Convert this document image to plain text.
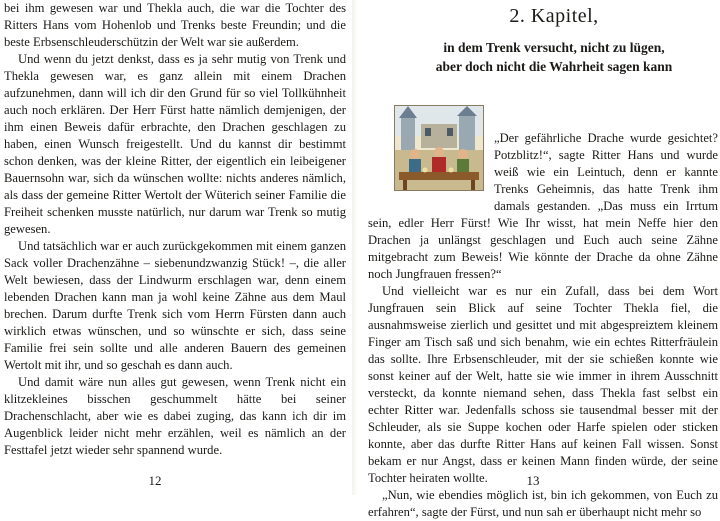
bei ihm gewesen war und Thekla auch, die war die Tochter des Ritters Hans vom Hohenlob und Trenks beste Freundin; und die beste Erbsenschleuderschützin der Welt war sie außerdem.

Und wenn du jetzt denkst, dass es ja sehr mutig von Trenk und Thekla gewesen war, es ganz allein mit einem Drachen aufzunehmen, dann will ich dir den Grund für so viel Tollkühnheit auch noch erklären. Der Herr Fürst hatte nämlich demjenigen, der ihm einen Beweis dafür erbrachte, den Drachen geschlagen zu haben, einen Wunsch freigestellt. Und du kannst dir bestimmt schon denken, was der kleine Ritter, der eigentlich ein leibeigener Bauernsohn war, sich da wünschen wollte: nichts anderes nämlich, als dass der gemeine Ritter Wertolt der Wüterich seiner Familie die Freiheit schenken musste natürlich, nur darum war Trenk so mutig gewesen.

Und tatsächlich war er auch zurückgekommen mit einem ganzen Sack voller Drachenzähne – siebenundzwanzig Stück! –, die aller Welt bewiesen, dass der Lindwurm erschlagen war, denn einem lebenden Drachen kann man ja wohl keine Zähne aus dem Maul brechen. Darum durfte Trenk sich vom Herrn Fürsten dann auch wirklich etwas wünschen, und so wünschte er sich, dass seine Familie frei sein sollte und alle anderen Bauern des gemeinen Wertolt mit ihr, und so geschah es dann auch.

Und damit wäre nun alles gut gewesen, wenn Trenk nicht ein klitzekleines bisschen geschummelt hätte bei seiner Drachenschlacht, aber wie es dabei zuging, das kann ich dir im Augenblick leider nicht mehr erzählen, weil es nämlich an der Festtafel jetzt wieder sehr spannend wurde.

12
2. Kapitel,
in dem Trenk versucht, nicht zu lügen,
aber doch nicht die Wahrheit sagen kann

„Der gefährliche Drache wurde gesichtet? Potzblitz!“, sagte Ritter Hans und wurde weiß wie ein Leintuch, denn er kannte Trenks Geheimnis, das hatte Trenk ihm damals gestanden. „Das muss ein Irrtum sein, edler Herr Fürst! Wie Ihr wisst, hat mein Neffe hier den Drachen ja unlängst geschlagen und Euch auch seine Zähne mitgebracht zum Beweis! Wie könnte der Drache da ohne Zähne noch Jungfrauen fressen?“

Und vielleicht war es nur ein Zufall, dass bei dem Wort Jungfrauen sein Blick auf seine Tochter Thekla fiel, die ausnahmsweise zierlich und gesittet und mit abgespreiztem kleinem Finger am Tisch saß und sich benahm, wie ein echtes Ritterfräulein das sollte. Ihre Erbsenschleuder, mit der sie schießen konnte wie sonst keiner auf der Welt, hatte sie wie immer in ihrem Ausschnitt versteckt, da konnte niemand sehen, dass Thekla fast selbst ein echter Ritter war. Jedenfalls schoss sie tausendmal besser mit der Schleuder, als sie Suppe kochen oder Harfe spielen oder sticken konnte, aber das durfte Ritter Hans auf keinen Fall wissen. Sonst bekam er nur Angst, dass er keinen Mann finden würde, der seine Tochter heiraten wollte.

„Nun, wie ebendies möglich ist, bin ich gekommen, von Euch zu erfahren“, sagte der Fürst, und nun sah er überhaupt nicht mehr so

13
